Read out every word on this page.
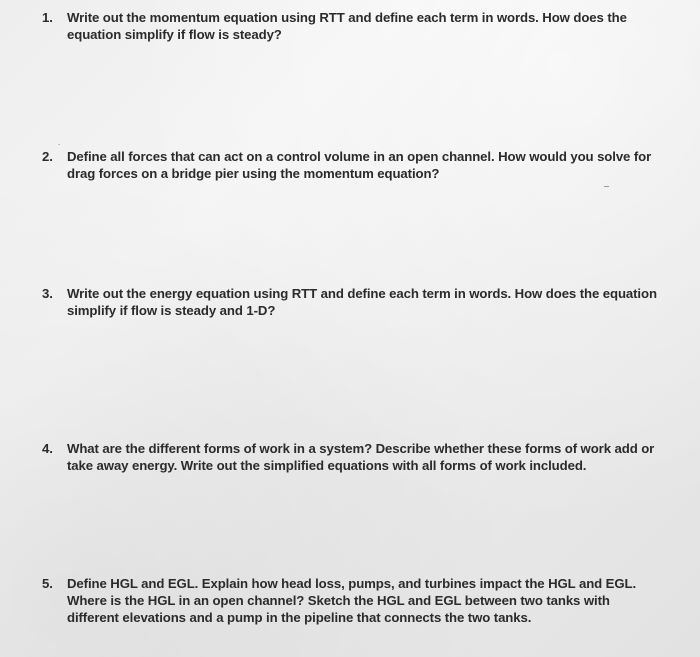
1. Write out the momentum equation using RTT and define each term in words. How does the equation simplify if flow is steady?
2. Define all forces that can act on a control volume in an open channel. How would you solve for drag forces on a bridge pier using the momentum equation?
˙
3. Write out the energy equation using RTT and define each term in words. How does the equation simplify if flow is steady and 1-D?
4. What are the different forms of work in a system? Describe whether these forms of work add or take away energy. Write out the simplified equations with all forms of work included.
5. Define HGL and EGL. Explain how head loss, pumps, and turbines impact the HGL and EGL. Where is the HGL in an open channel? Sketch the HGL and EGL between two tanks with different elevations and a pump in the pipeline that connects the two tanks.
